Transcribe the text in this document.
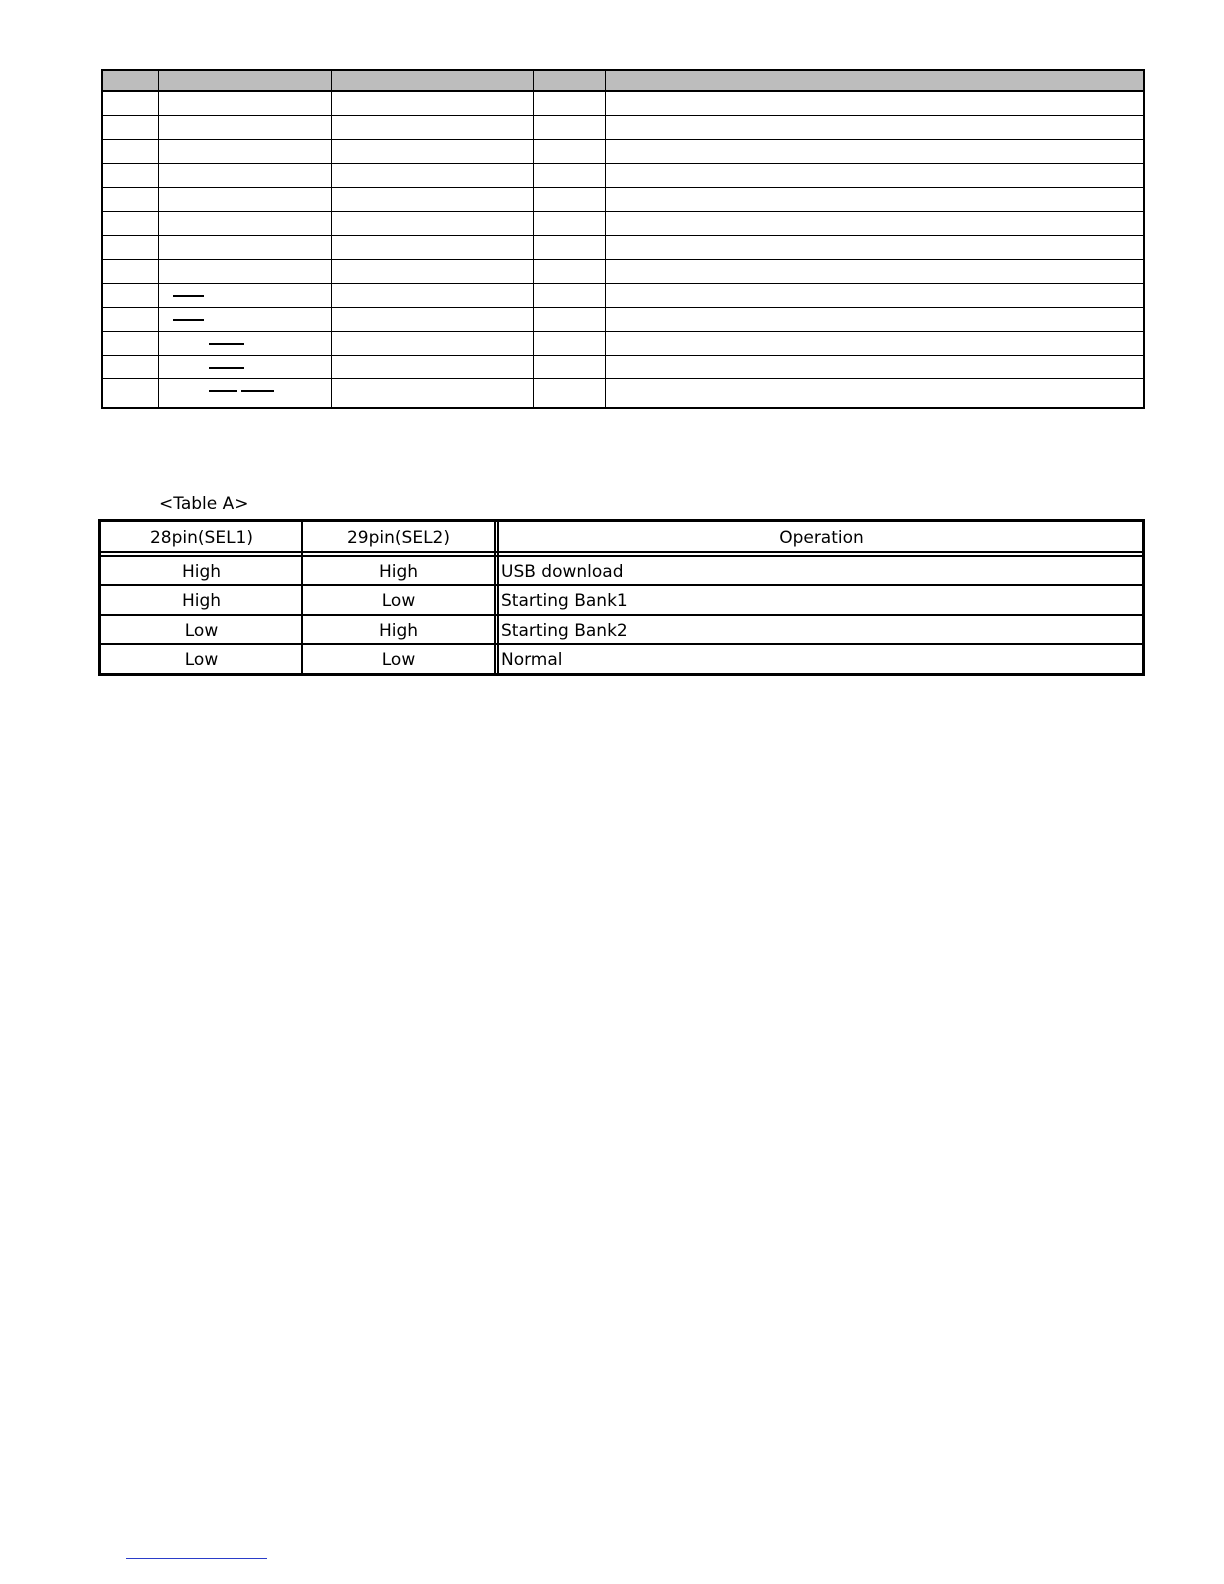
<Table A>
28pin(SEL1)	29pin(SEL2)	Operation
High	High	USB download
High	Low	Starting Bank1
Low	High	Starting Bank2
Low	Low	Normal
